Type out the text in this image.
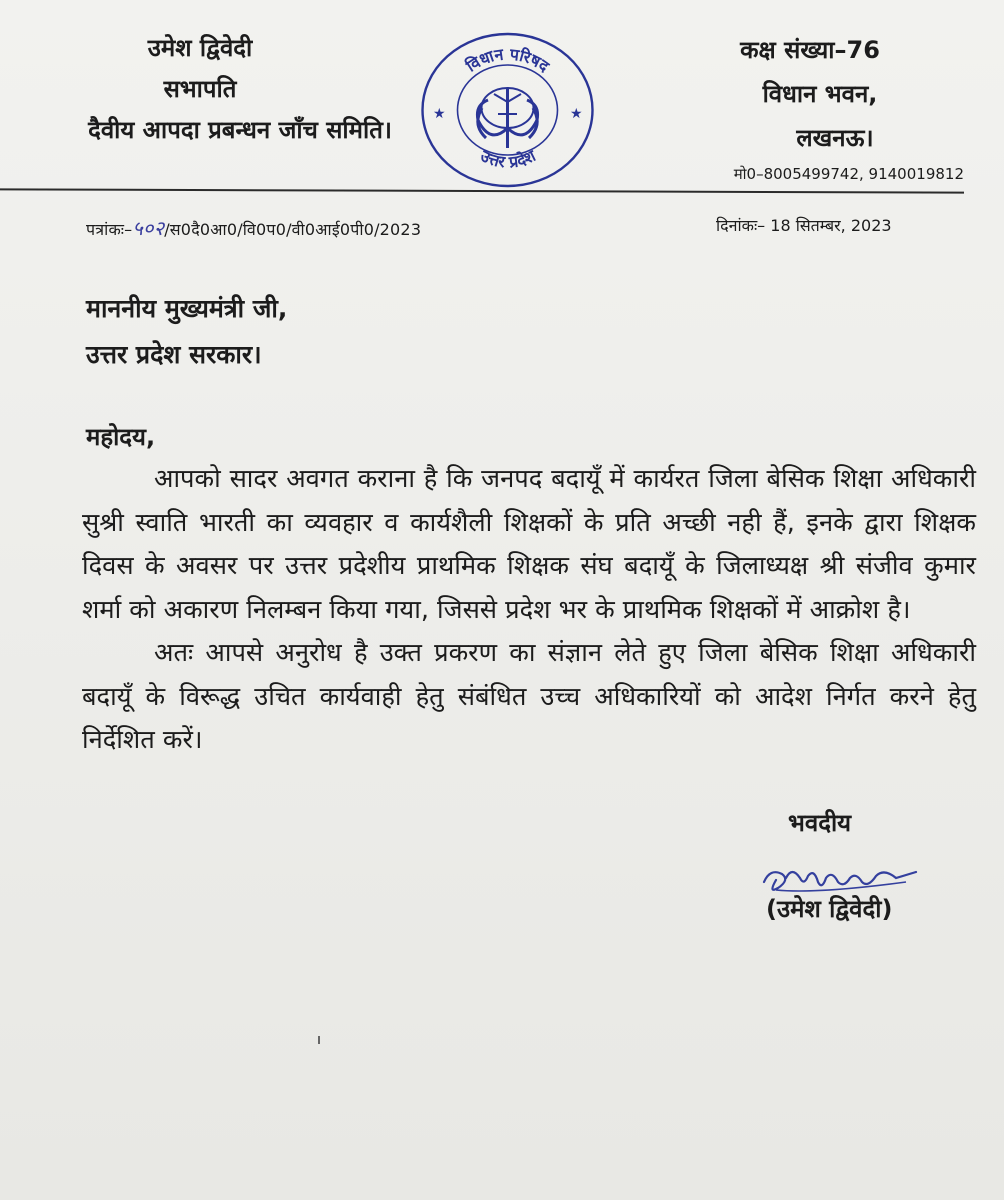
उमेश द्विवेदी
सभापति
दैवीय आपदा प्रबन्धन जाँच समिति।
विधान परिषद
उत्तर प्रदेश
★	★
कक्ष संख्या–76
विधान भवन,
लखनऊ।
मो0–8005499742, 9140019812
पत्रांकः–५०२/स0दै0आ0/वि0प0/वी0आई0पी0/2023	दिनांकः– 18 सितम्बर, 2023
माननीय मुख्यमंत्री जी,
उत्तर प्रदेश सरकार।
महोदय,

आपको सादर अवगत कराना है कि जनपद बदायूँ में कार्यरत जिला बेसिक शिक्षा अधिकारी सुश्री स्वाति भारती का व्यवहार व कार्यशैली शिक्षकों के प्रति अच्छी नही हैं, इनके द्वारा शिक्षक दिवस के अवसर पर उत्तर प्रदेशीय प्राथमिक शिक्षक संघ बदायूँ के जिलाध्यक्ष श्री संजीव कुमार शर्मा को अकारण निलम्बन किया गया, जिससे प्रदेश भर के प्राथमिक शिक्षकों में आक्रोश है।

अतः आपसे अनुरोध है उक्त प्रकरण का संज्ञान लेते हुए जिला बेसिक शिक्षा अधिकारी बदायूँ के विरूद्ध उचित कार्यवाही हेतु संबंधित उच्च अधिकारियों को आदेश निर्गत करने हेतु निर्देशित करें।

भवदीय
(उमेश द्विवेदी)
